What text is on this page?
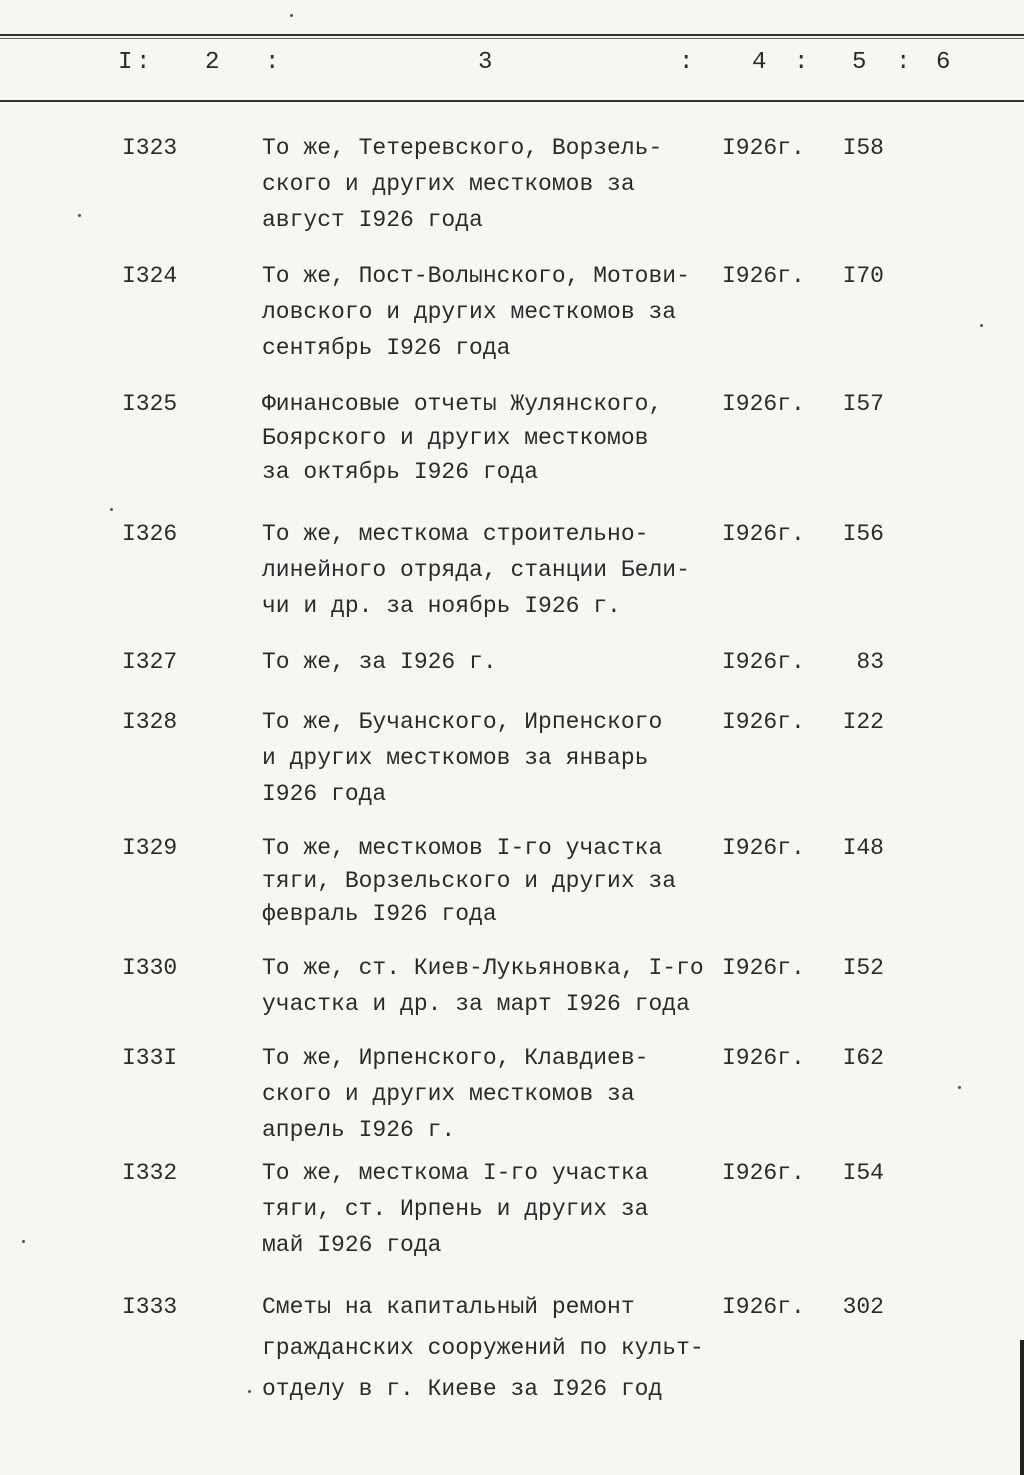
I : 2 :	3	: 4 : 5 : 6
I323	То же, Тетеревского, Ворзель-
ского и других месткомов за
август I926 года
I926г. I58
I324	То же, Пост-Волынского, Мотови-
ловского и других месткомов за
сентябрь I926 года
I926г. I70
I325	Финансовые отчеты Жулянского,
Боярского и других месткомов
за октябрь I926 года
I926г. I57
I326	То же, месткома строительно-
линейного отряда, станции Бели-
чи и др. за ноябрь I926 г.
I926г. I56
I327	То же, за I926 г.	I926г. 83
I328	То же, Бучанского, Ирпенского
и других месткомов за январь
I926 года
I926г. I22
I329	То же, месткомов I-го участка
тяги, Ворзельского и других за
февраль I926 года
I926г. I48
I330	То же, ст. Киев-Лукьяновка, I-го
участка и др. за март I926 года
I926г. I52
I33I	То же, Ирпенского, Клавдиев-
ского и других месткомов за
апрель I926 г.
I926г. I62
I332	То же, месткома I-го участка
тяги, ст. Ирпень и других за
май I926 года
I926г. I54
I333	Сметы на капитальный ремонт
гражданских сооружений по культ-
отделу в г. Киеве за I926 год
I926г. 302
